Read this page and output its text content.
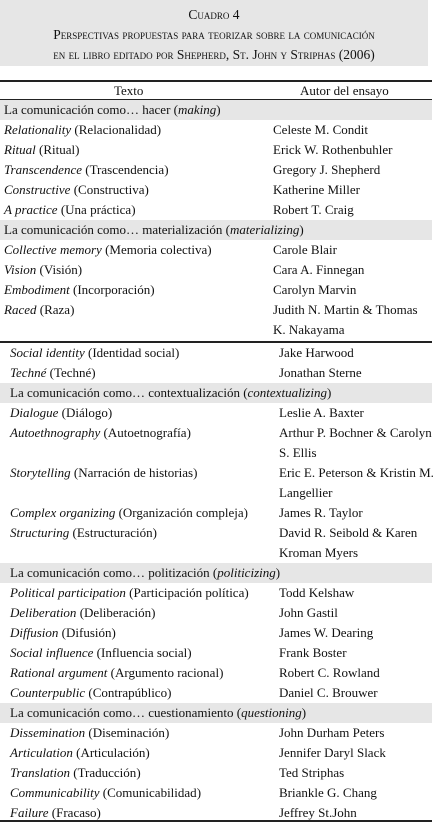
Cuadro 4
Perspectivas propuestas para teorizar sobre la comunicación
en el libro editado por Shepherd, St. John y Striphas (2006)
Texto	Autor del ensayo
La comunicación como… hacer (making)
Relationality (Relacionalidad)	Celeste M. Condit
Ritual (Ritual)	Erick W. Rothenbuhler
Transcendence (Trascendencia)	Gregory J. Shepherd
Constructive (Constructiva)	Katherine Miller
A practice (Una práctica)	Robert T. Craig
La comunicación como… materialización (materializing)
Collective memory (Memoria colectiva)	Carole Blair
Vision (Visión)	Cara A. Finnegan
Embodiment (Incorporación)	Carolyn Marvin
Raced (Raza)	Judith N. Martin & Thomas K. Nakayama
Social identity (Identidad social)	Jake Harwood
Techné (Techné)	Jonathan Sterne
La comunicación como… contextualización (contextualizing)
Dialogue (Diálogo)	Leslie A. Baxter
Autoethnography (Autoetnografía)	Arthur P. Bochner & Carolyn S. Ellis
Storytelling (Narración de historias)	Eric E. Peterson & Kristin M. Langellier
Complex organizing (Organización compleja) James R. Taylor
Structuring (Estructuración)	David R. Seibold & Karen Kroman Myers
La comunicación como… politización (politicizing)
Political participation (Participación política) Todd Kelshaw
Deliberation (Deliberación)	John Gastil
Diffusion (Difusión)	James W. Dearing
Social influence (Influencia social)	Frank Boster
Rational argument (Argumento racional)	Robert C. Rowland
Counterpublic (Contrapúblico)	Daniel C. Brouwer
La comunicación como… cuestionamiento (questioning)
Dissemination (Diseminación)	John Durham Peters
Articulation (Articulación)	Jennifer Daryl Slack
Translation (Traducción)	Ted Striphas
Communicability (Comunicabilidad)	Briankle G. Chang
Failure (Fracaso)	Jeffrey St.John
